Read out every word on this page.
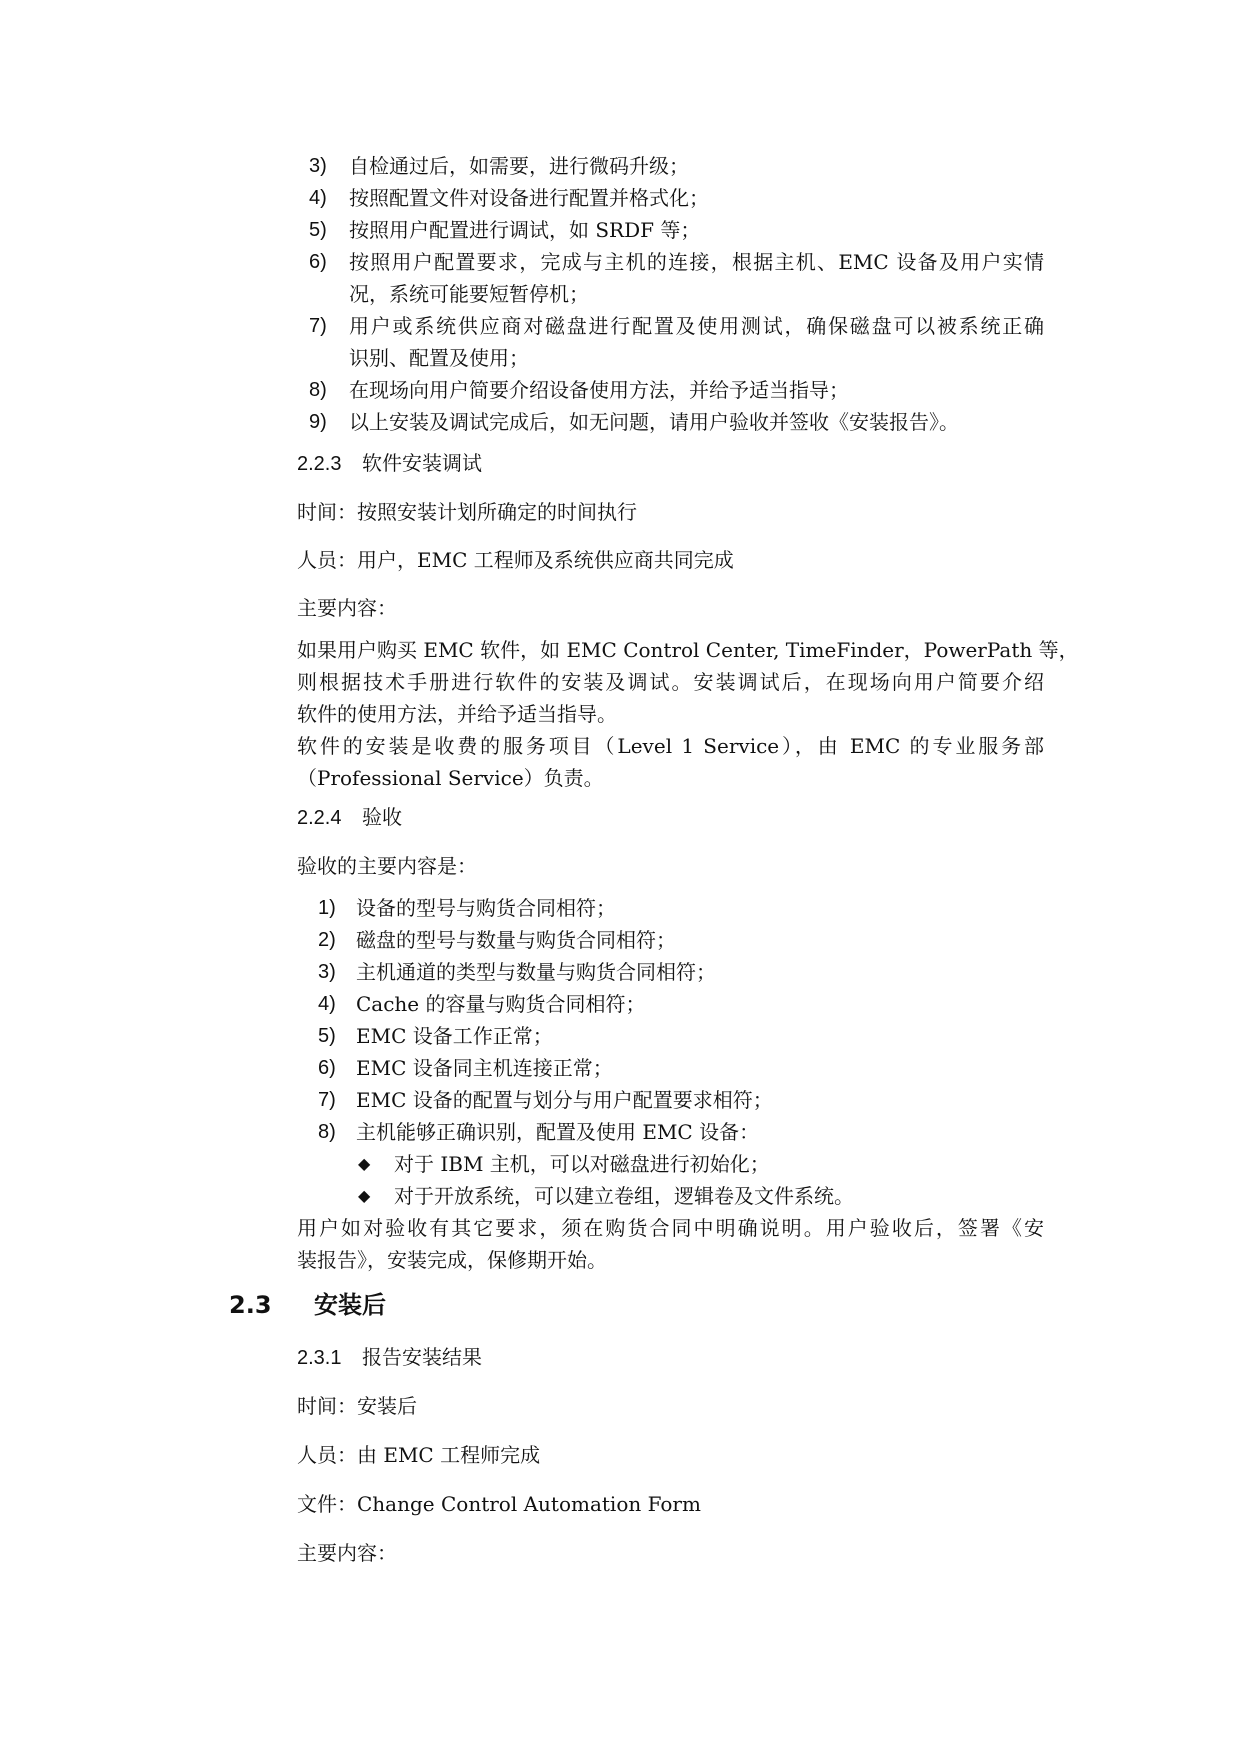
3) 自检通过后，如需要，进行微码升级；
4) 按照配置文件对设备进行配置并格式化；
5) 按照用户配置进行调试，如 SRDF 等；
6) 按照用户配置要求，完成与主机的连接，根据主机、EMC 设备及用户实情
况，系统可能要短暂停机；
7) 用户或系统供应商对磁盘进行配置及使用测试，确保磁盘可以被系统正确
识别、配置及使用；
8) 在现场向用户简要介绍设备使用方法，并给予适当指导；
9) 以上安装及调试完成后，如无问题，请用户验收并签收《安装报告》。
2.2.3 软件安装调试
时间：按照安装计划所确定的时间执行
人员：用户，EMC 工程师及系统供应商共同完成
主要内容：
如果用户购买 EMC 软件，如 EMC Control Center, TimeFinder，PowerPath 等，
则根据技术手册进行软件的安装及调试。安装调试后，在现场向用户简要介绍
软件的使用方法，并给予适当指导。
软件的安装是收费的服务项目（Level 1 Service），由 EMC 的专业服务部
（Professional Service）负责。
2.2.4 验收
验收的主要内容是：
1) 设备的型号与购货合同相符；
2) 磁盘的型号与数量与购货合同相符；
3) 主机通道的类型与数量与购货合同相符；
4) Cache 的容量与购货合同相符；
5) EMC 设备工作正常；
6) EMC 设备同主机连接正常；
7) EMC 设备的配置与划分与用户配置要求相符；
8) 主机能够正确识别，配置及使用 EMC 设备：
◆ 对于 IBM 主机，可以对磁盘进行初始化；
◆ 对于开放系统，可以建立卷组，逻辑卷及文件系统。
用户如对验收有其它要求，须在购货合同中明确说明。用户验收后，签署《安
装报告》，安装完成，保修期开始。
2.3 安装后
2.3.1 报告安装结果
时间：安装后
人员：由 EMC 工程师完成
文件：Change Control Automation Form
主要内容：
